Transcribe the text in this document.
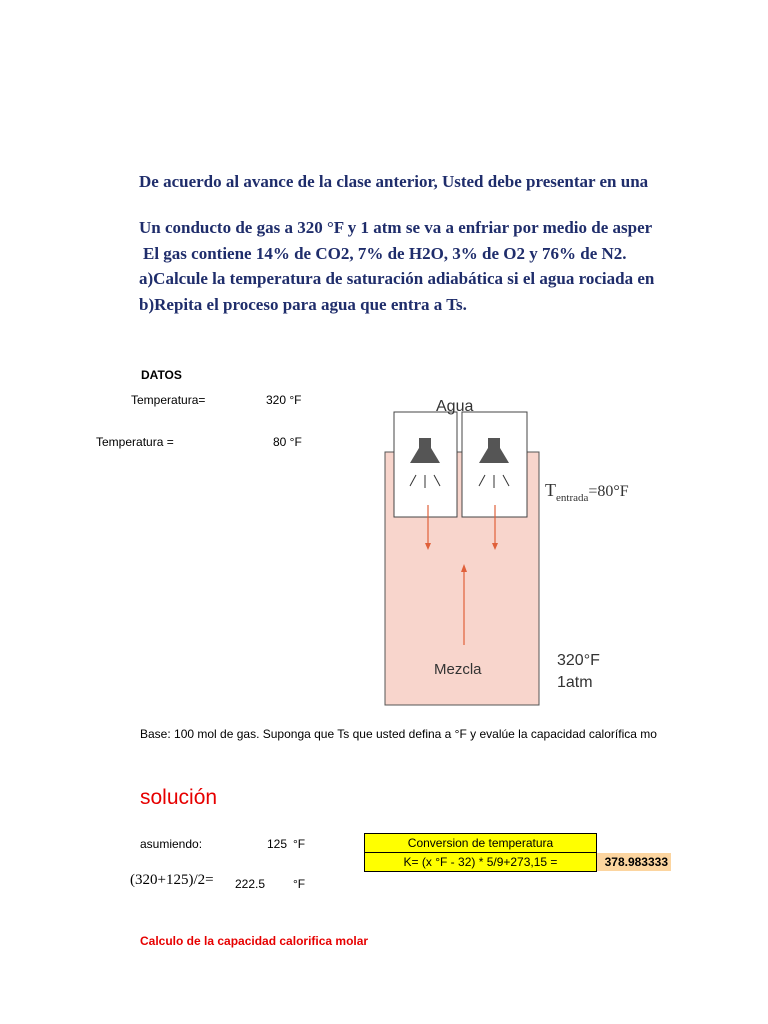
De acuerdo al avance de la clase anterior, Usted debe presentar en una
Un conducto de gas a 320 °F y 1 atm se va a enfriar por medio de asper
El gas contiene 14% de CO2, 7% de H2O, 3% de O2 y 76% de N2.
a)Calcule la temperatura de saturación adiabática si el agua rociada en
b)Repita el proceso para agua que entra a Ts.
DATOS
Temperatura=	320 °F
Temperatura =	80 °F
Agua
Mezcla
$T_{entrada}=80^\circ F$
320°F
1atm
Base: 100 mol de gas. Suponga que Ts que usted defina a °F y evalúe la capacidad calorífica mo
solución
asumiendo:	125 °F
(320+125)/2= 222.5 °F
Conversion de temperatura
K= (x °F - 32) * 5/9+273,15 =	378.983333
Calculo de la capacidad calorifica molar
